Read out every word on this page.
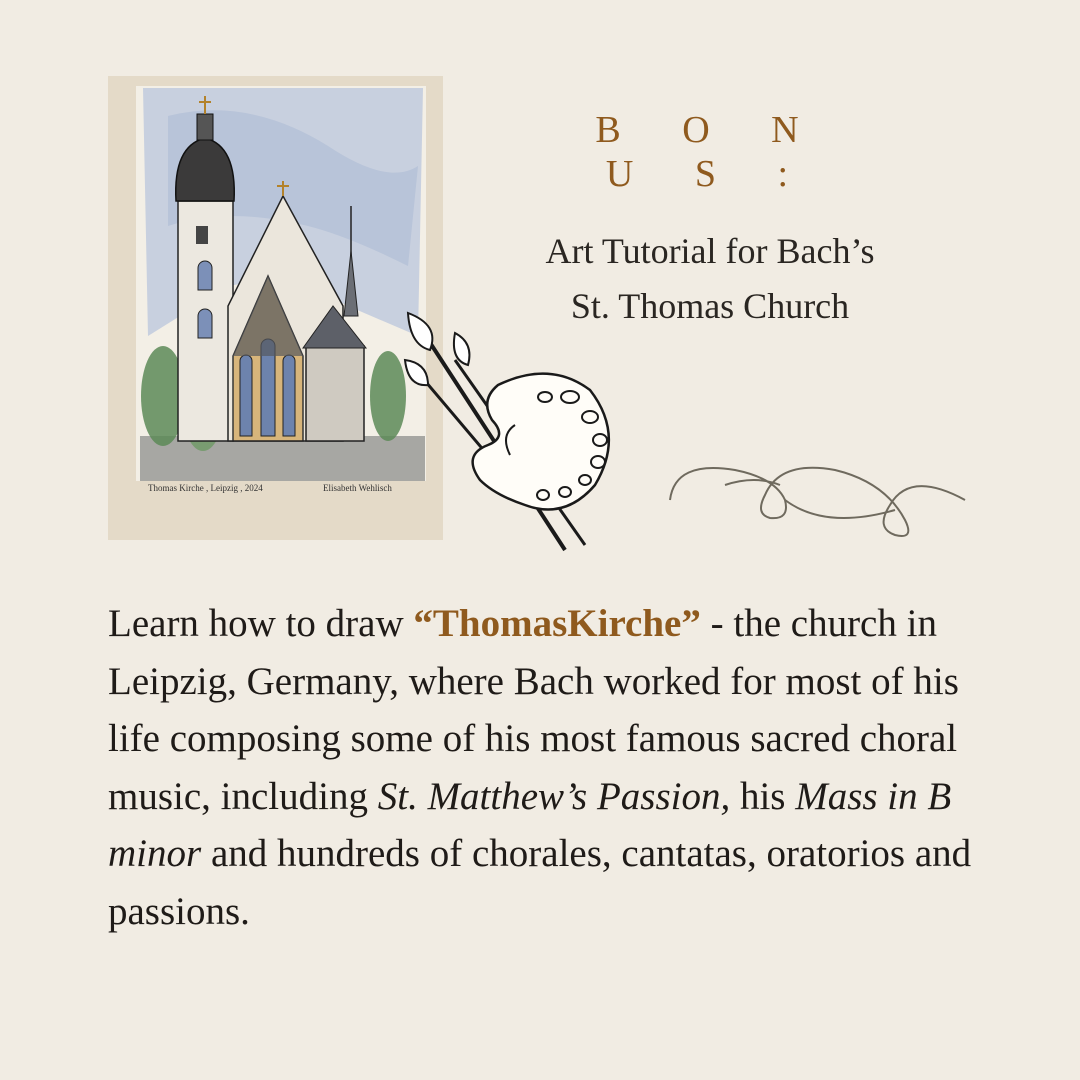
Thomas Kirche , Leipzig , 2024	Elisabeth Wehlisch
B O N U S :
Art Tutorial for Bach’s
St. Thomas Church
Learn how to draw “ThomasKirche” - the church in Leipzig, Germany, where Bach worked for most of his life composing some of his most famous sacred choral music, including St. Matthew’s Passion, his Mass in B minor and hundreds of chorales, cantatas, oratorios and passions.
